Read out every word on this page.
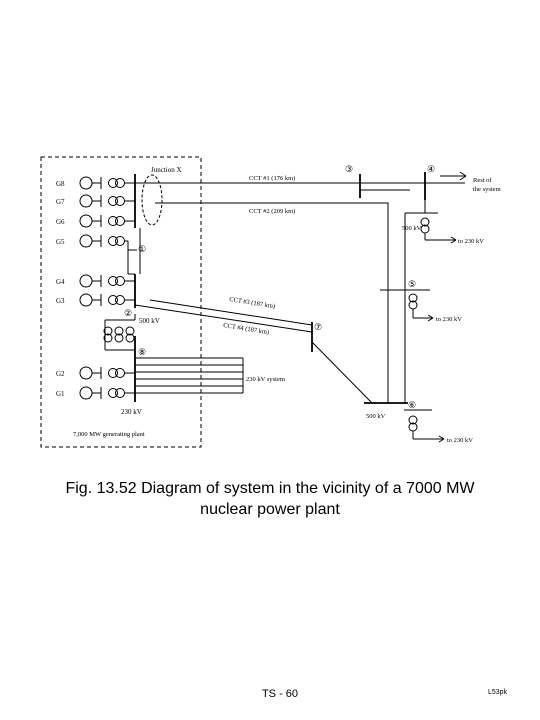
G8
G7
G6
G5
G4
G3
G2
G1
Junction X
CCT #1 (176 km)
CCT #2 (209 km)
CCT #3 (187 km)
CCT #4 (187 km)
①
②
③	④
⑤
⑥
⑦
⑧
500 kV
230 kV
230 kV system
500 kV
500 kV
to 230 kV
to 230 kV
to 230 kV
Rest of
the system
7,000 MW generating plant
Fig. 13.52 Diagram of system in the vicinity of a 7000 MW
nuclear power plant
TS - 60	L53pk
